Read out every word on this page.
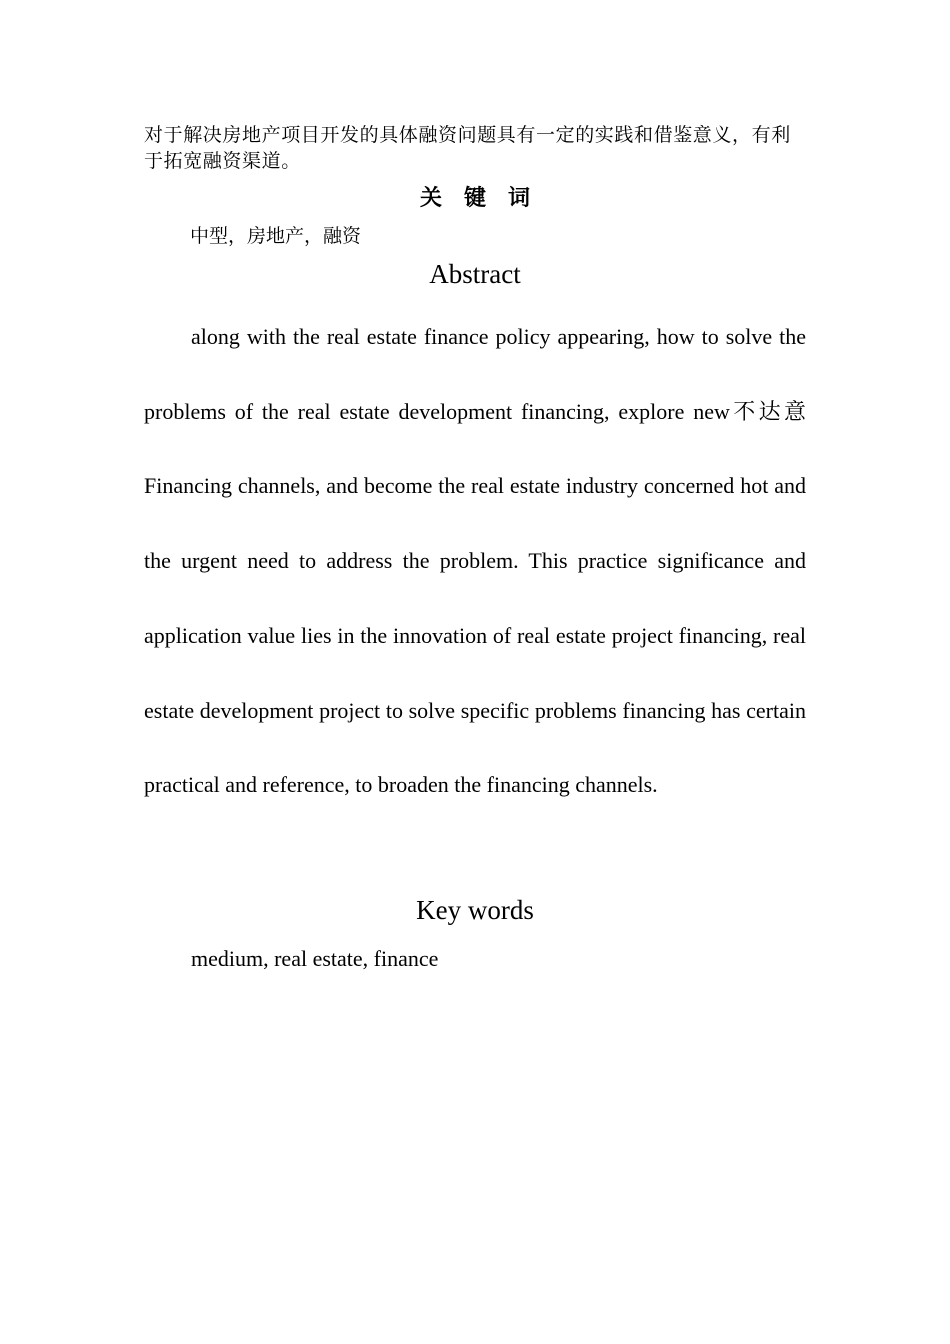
对于解决房地产项目开发的具体融资问题具有一定的实践和借鉴意义，有利于拓宽融资渠道。

关　键　词

中型，房地产，融资

Abstract

along with the real estate finance policy appearing, how to solve the problems of the real estate development financing, explore new不达意Financing channels, and become the real estate industry concerned hot and the urgent need to address the problem. This practice significance and application value lies in the innovation of real estate project financing, real estate development project to solve specific problems financing has certain practical and reference, to broaden the financing channels.

Key words

medium, real estate, finance
